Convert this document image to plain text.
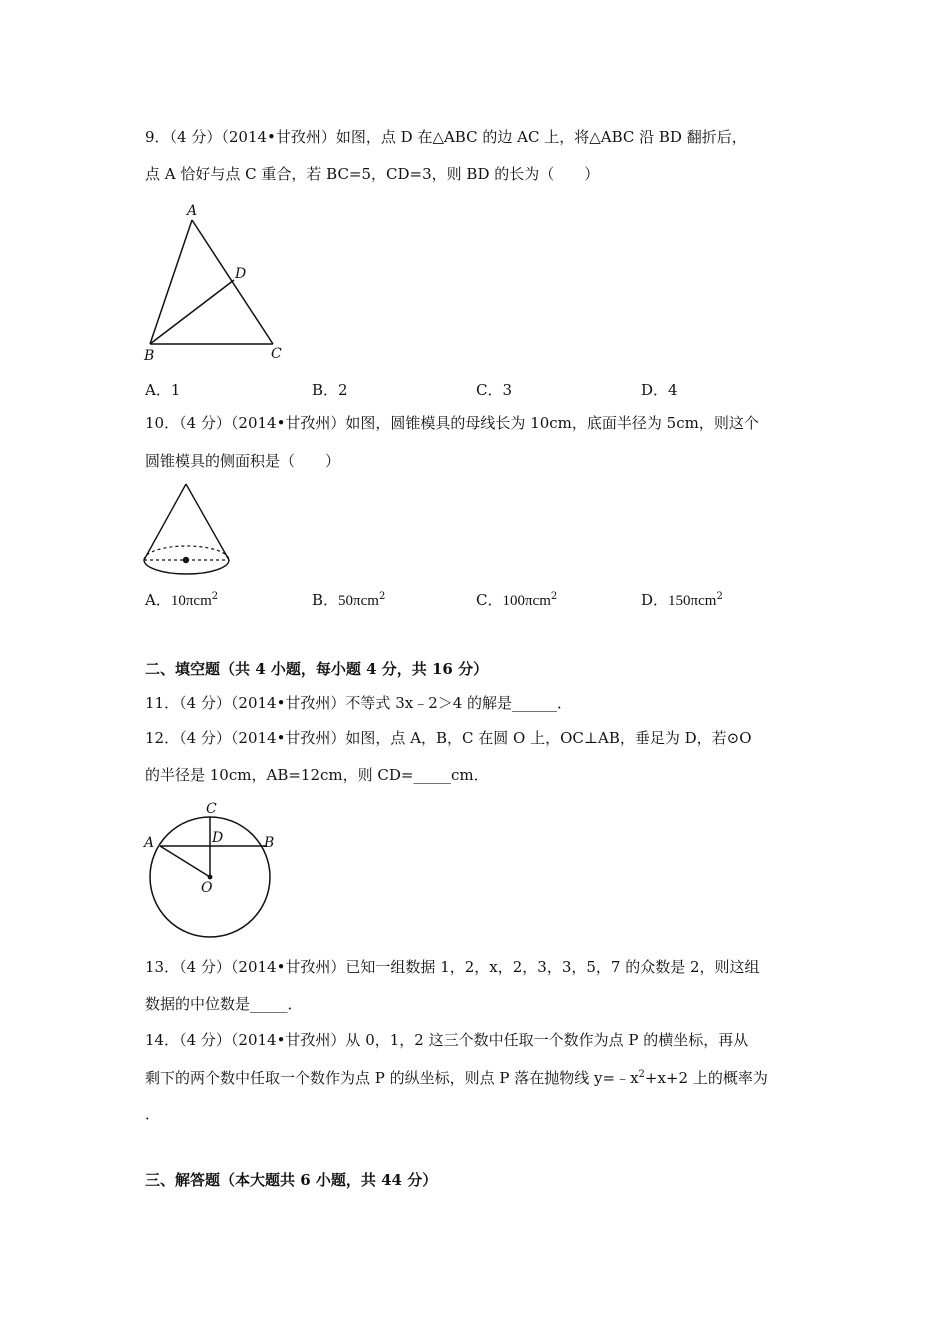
9．（4 分）（2014•甘孜州）如图，点 D 在△ABC 的边 AC 上，将△ABC 沿 BD 翻折后，
点 A 恰好与点 C 重合，若 BC=5，CD=3，则 BD 的长为（　　）
A
B	C
D
A．1	B．2	C．3	D．4
10．（4 分）（2014•甘孜州）如图，圆锥模具的母线长为 10cm，底面半径为 5cm，则这个
圆锥模具的侧面积是（　　）
A．10πcm$^2$	B．50πcm$^2$	C．100πcm$^2$	D．150πcm$^2$
二、填空题（共 4 小题，每小题 4 分，共 16 分）
11．（4 分）（2014•甘孜州）不等式 3x﹣2＞4 的解是______．
12．（4 分）（2014•甘孜州）如图，点 A，B，C 在圆 O 上，OC⊥AB，垂足为 D，若⊙O
的半径是 10cm，AB=12cm，则 CD=_____cm．
C
D
A	B
O
13．（4 分）（2014•甘孜州）已知一组数据 1，2，x，2，3，3，5，7 的众数是 2，则这组
数据的中位数是_____．
14．（4 分）（2014•甘孜州）从 0，1，2 这三个数中任取一个数作为点 P 的横坐标，再从
剩下的两个数中任取一个数作为点 P 的纵坐标，则点 P 落在抛物线 $y=﹣x^2+x+2$ 上的概率为
．
三、解答题（本大题共 6 小题，共 44 分）
